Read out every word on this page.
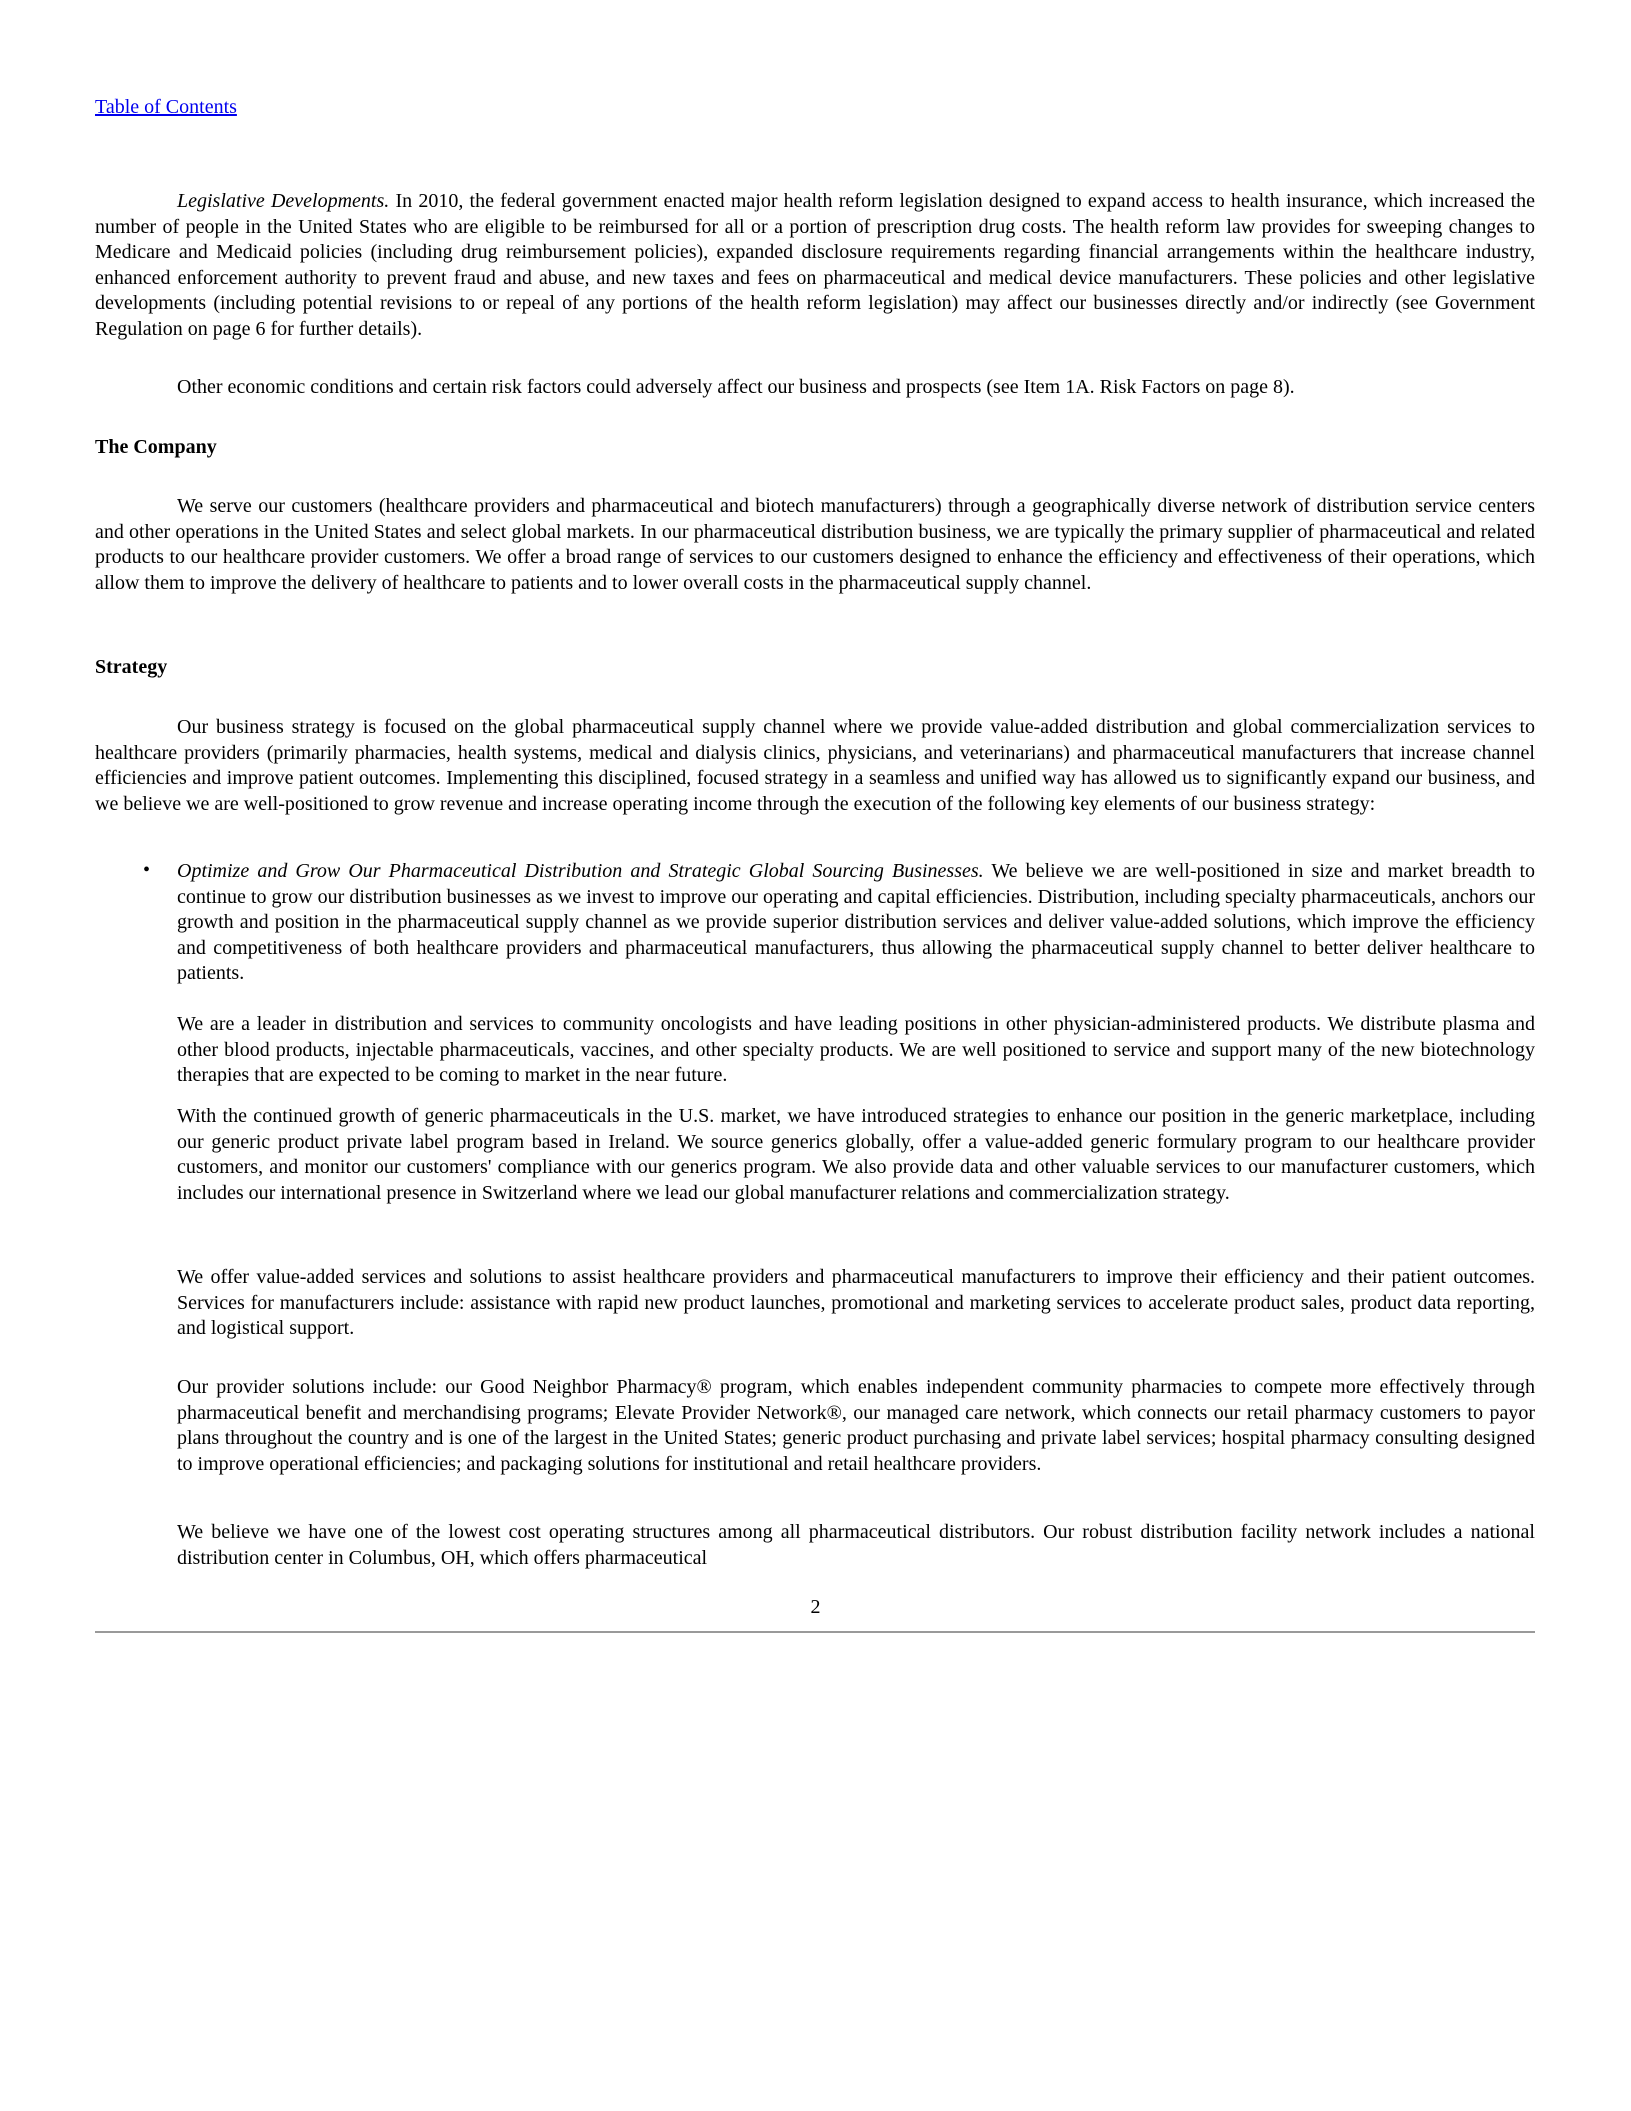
Table of Contents
Legislative Developments. In 2010, the federal government enacted major health reform legislation designed to expand access to health insurance, which increased the number of people in the United States who are eligible to be reimbursed for all or a portion of prescription drug costs. The health reform law provides for sweeping changes to Medicare and Medicaid policies (including drug reimbursement policies), expanded disclosure requirements regarding financial arrangements within the healthcare industry, enhanced enforcement authority to prevent fraud and abuse, and new taxes and fees on pharmaceutical and medical device manufacturers. These policies and other legislative developments (including potential revisions to or repeal of any portions of the health reform legislation) may affect our businesses directly and/or indirectly (see Government Regulation on page 6 for further details).
Other economic conditions and certain risk factors could adversely affect our business and prospects (see Item 1A. Risk Factors on page 8).
The Company
We serve our customers (healthcare providers and pharmaceutical and biotech manufacturers) through a geographically diverse network of distribution service centers and other operations in the United States and select global markets. In our pharmaceutical distribution business, we are typically the primary supplier of pharmaceutical and related products to our healthcare provider customers. We offer a broad range of services to our customers designed to enhance the efficiency and effectiveness of their operations, which allow them to improve the delivery of healthcare to patients and to lower overall costs in the pharmaceutical supply channel.
Strategy
Our business strategy is focused on the global pharmaceutical supply channel where we provide value-added distribution and global commercialization services to healthcare providers (primarily pharmacies, health systems, medical and dialysis clinics, physicians, and veterinarians) and pharmaceutical manufacturers that increase channel efficiencies and improve patient outcomes. Implementing this disciplined, focused strategy in a seamless and unified way has allowed us to significantly expand our business, and we believe we are well-positioned to grow revenue and increase operating income through the execution of the following key elements of our business strategy:
• Optimize and Grow Our Pharmaceutical Distribution and Strategic Global Sourcing Businesses. We believe we are well-positioned in size and market breadth to continue to grow our distribution businesses as we invest to improve our operating and capital efficiencies. Distribution, including specialty pharmaceuticals, anchors our growth and position in the pharmaceutical supply channel as we provide superior distribution services and deliver value-added solutions, which improve the efficiency and competitiveness of both healthcare providers and pharmaceutical manufacturers, thus allowing the pharmaceutical supply channel to better deliver healthcare to patients.
We are a leader in distribution and services to community oncologists and have leading positions in other physician-administered products. We distribute plasma and other blood products, injectable pharmaceuticals, vaccines, and other specialty products. We are well positioned to service and support many of the new biotechnology therapies that are expected to be coming to market in the near future.
With the continued growth of generic pharmaceuticals in the U.S. market, we have introduced strategies to enhance our position in the generic marketplace, including our generic product private label program based in Ireland. We source generics globally, offer a value-added generic formulary program to our healthcare provider customers, and monitor our customers' compliance with our generics program. We also provide data and other valuable services to our manufacturer customers, which includes our international presence in Switzerland where we lead our global manufacturer relations and commercialization strategy.
We offer value-added services and solutions to assist healthcare providers and pharmaceutical manufacturers to improve their efficiency and their patient outcomes. Services for manufacturers include: assistance with rapid new product launches, promotional and marketing services to accelerate product sales, product data reporting, and logistical support.
Our provider solutions include: our Good Neighbor Pharmacy® program, which enables independent community pharmacies to compete more effectively through pharmaceutical benefit and merchandising programs; Elevate Provider Network®, our managed care network, which connects our retail pharmacy customers to payor plans throughout the country and is one of the largest in the United States; generic product purchasing and private label services; hospital pharmacy consulting designed to improve operational efficiencies; and packaging solutions for institutional and retail healthcare providers.
We believe we have one of the lowest cost operating structures among all pharmaceutical distributors. Our robust distribution facility network includes a national distribution center in Columbus, OH, which offers pharmaceutical
2
